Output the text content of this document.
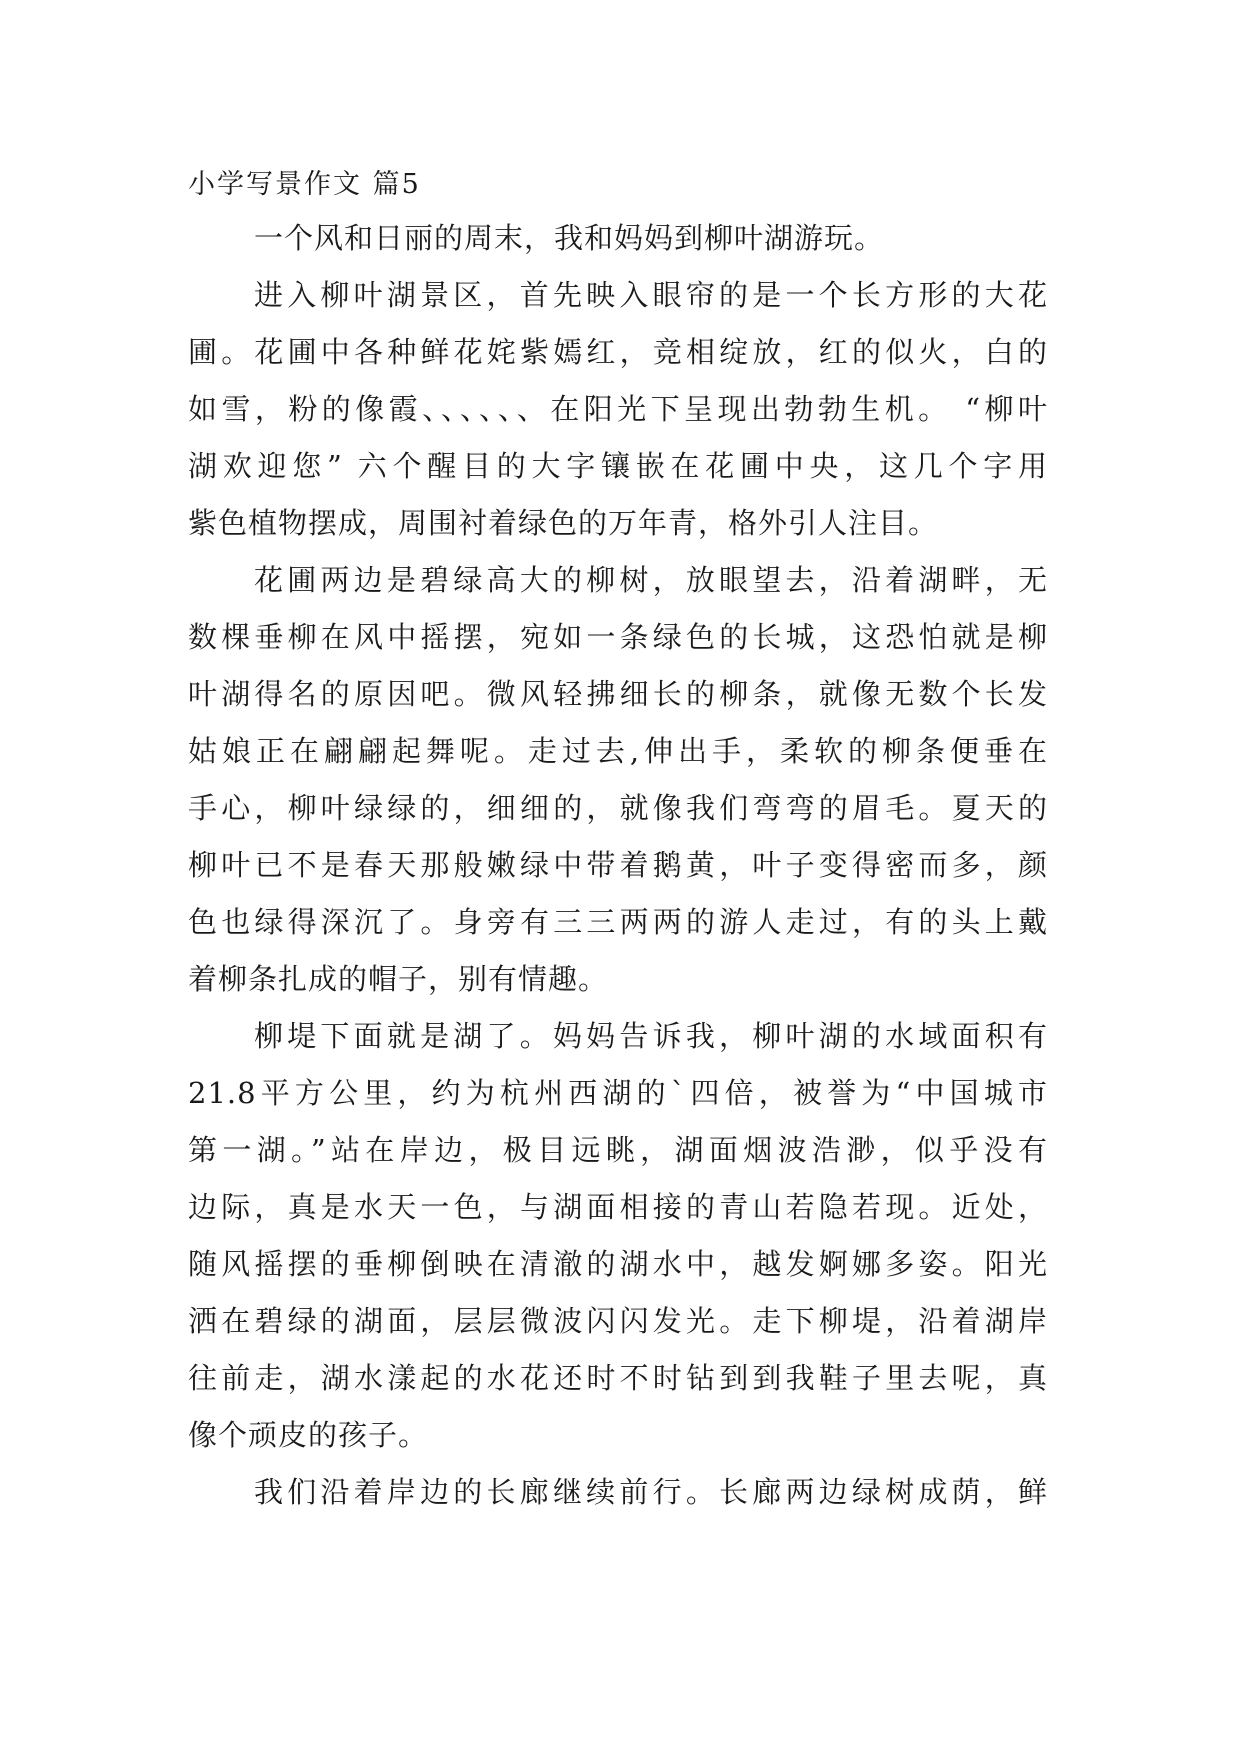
小学写景作文 篇5
一个风和日丽的周末，我和妈妈到柳叶湖游玩。
进入柳叶湖景区，首先映入眼帘的是一个长方形的大花
圃。花圃中各种鲜花姹紫嫣红，竞相绽放，红的似火，白的
如雪，粉的像霞、、、、、、在阳光下呈现出勃勃生机。 “柳叶
湖欢迎您” 六个醒目的大字镶嵌在花圃中央，这几个字用
紫色植物摆成，周围衬着绿色的万年青，格外引人注目。
花圃两边是碧绿高大的柳树，放眼望去，沿着湖畔，无
数棵垂柳在风中摇摆，宛如一条绿色的长城，这恐怕就是柳
叶湖得名的原因吧。微风轻拂细长的柳条，就像无数个长发
姑娘正在翩翩起舞呢。走过去,伸出手，柔软的柳条便垂在
手心，柳叶绿绿的，细细的，就像我们弯弯的眉毛。夏天的
柳叶已不是春天那般嫩绿中带着鹅黄，叶子变得密而多，颜
色也绿得深沉了。身旁有三三两两的游人走过，有的头上戴
着柳条扎成的帽子，别有情趣。
柳堤下面就是湖了。妈妈告诉我，柳叶湖的水域面积有
21.8平方公里，约为杭州西湖的`四倍，被誉为“中国城市
第一湖。”站在岸边，极目远眺，湖面烟波浩渺，似乎没有
边际，真是水天一色，与湖面相接的青山若隐若现。近处，
随风摇摆的垂柳倒映在清澈的湖水中，越发婀娜多姿。阳光
洒在碧绿的湖面，层层微波闪闪发光。走下柳堤，沿着湖岸
往前走，湖水漾起的水花还时不时钻到到我鞋子里去呢，真
像个顽皮的孩子。
我们沿着岸边的长廊继续前行。长廊两边绿树成荫，鲜
